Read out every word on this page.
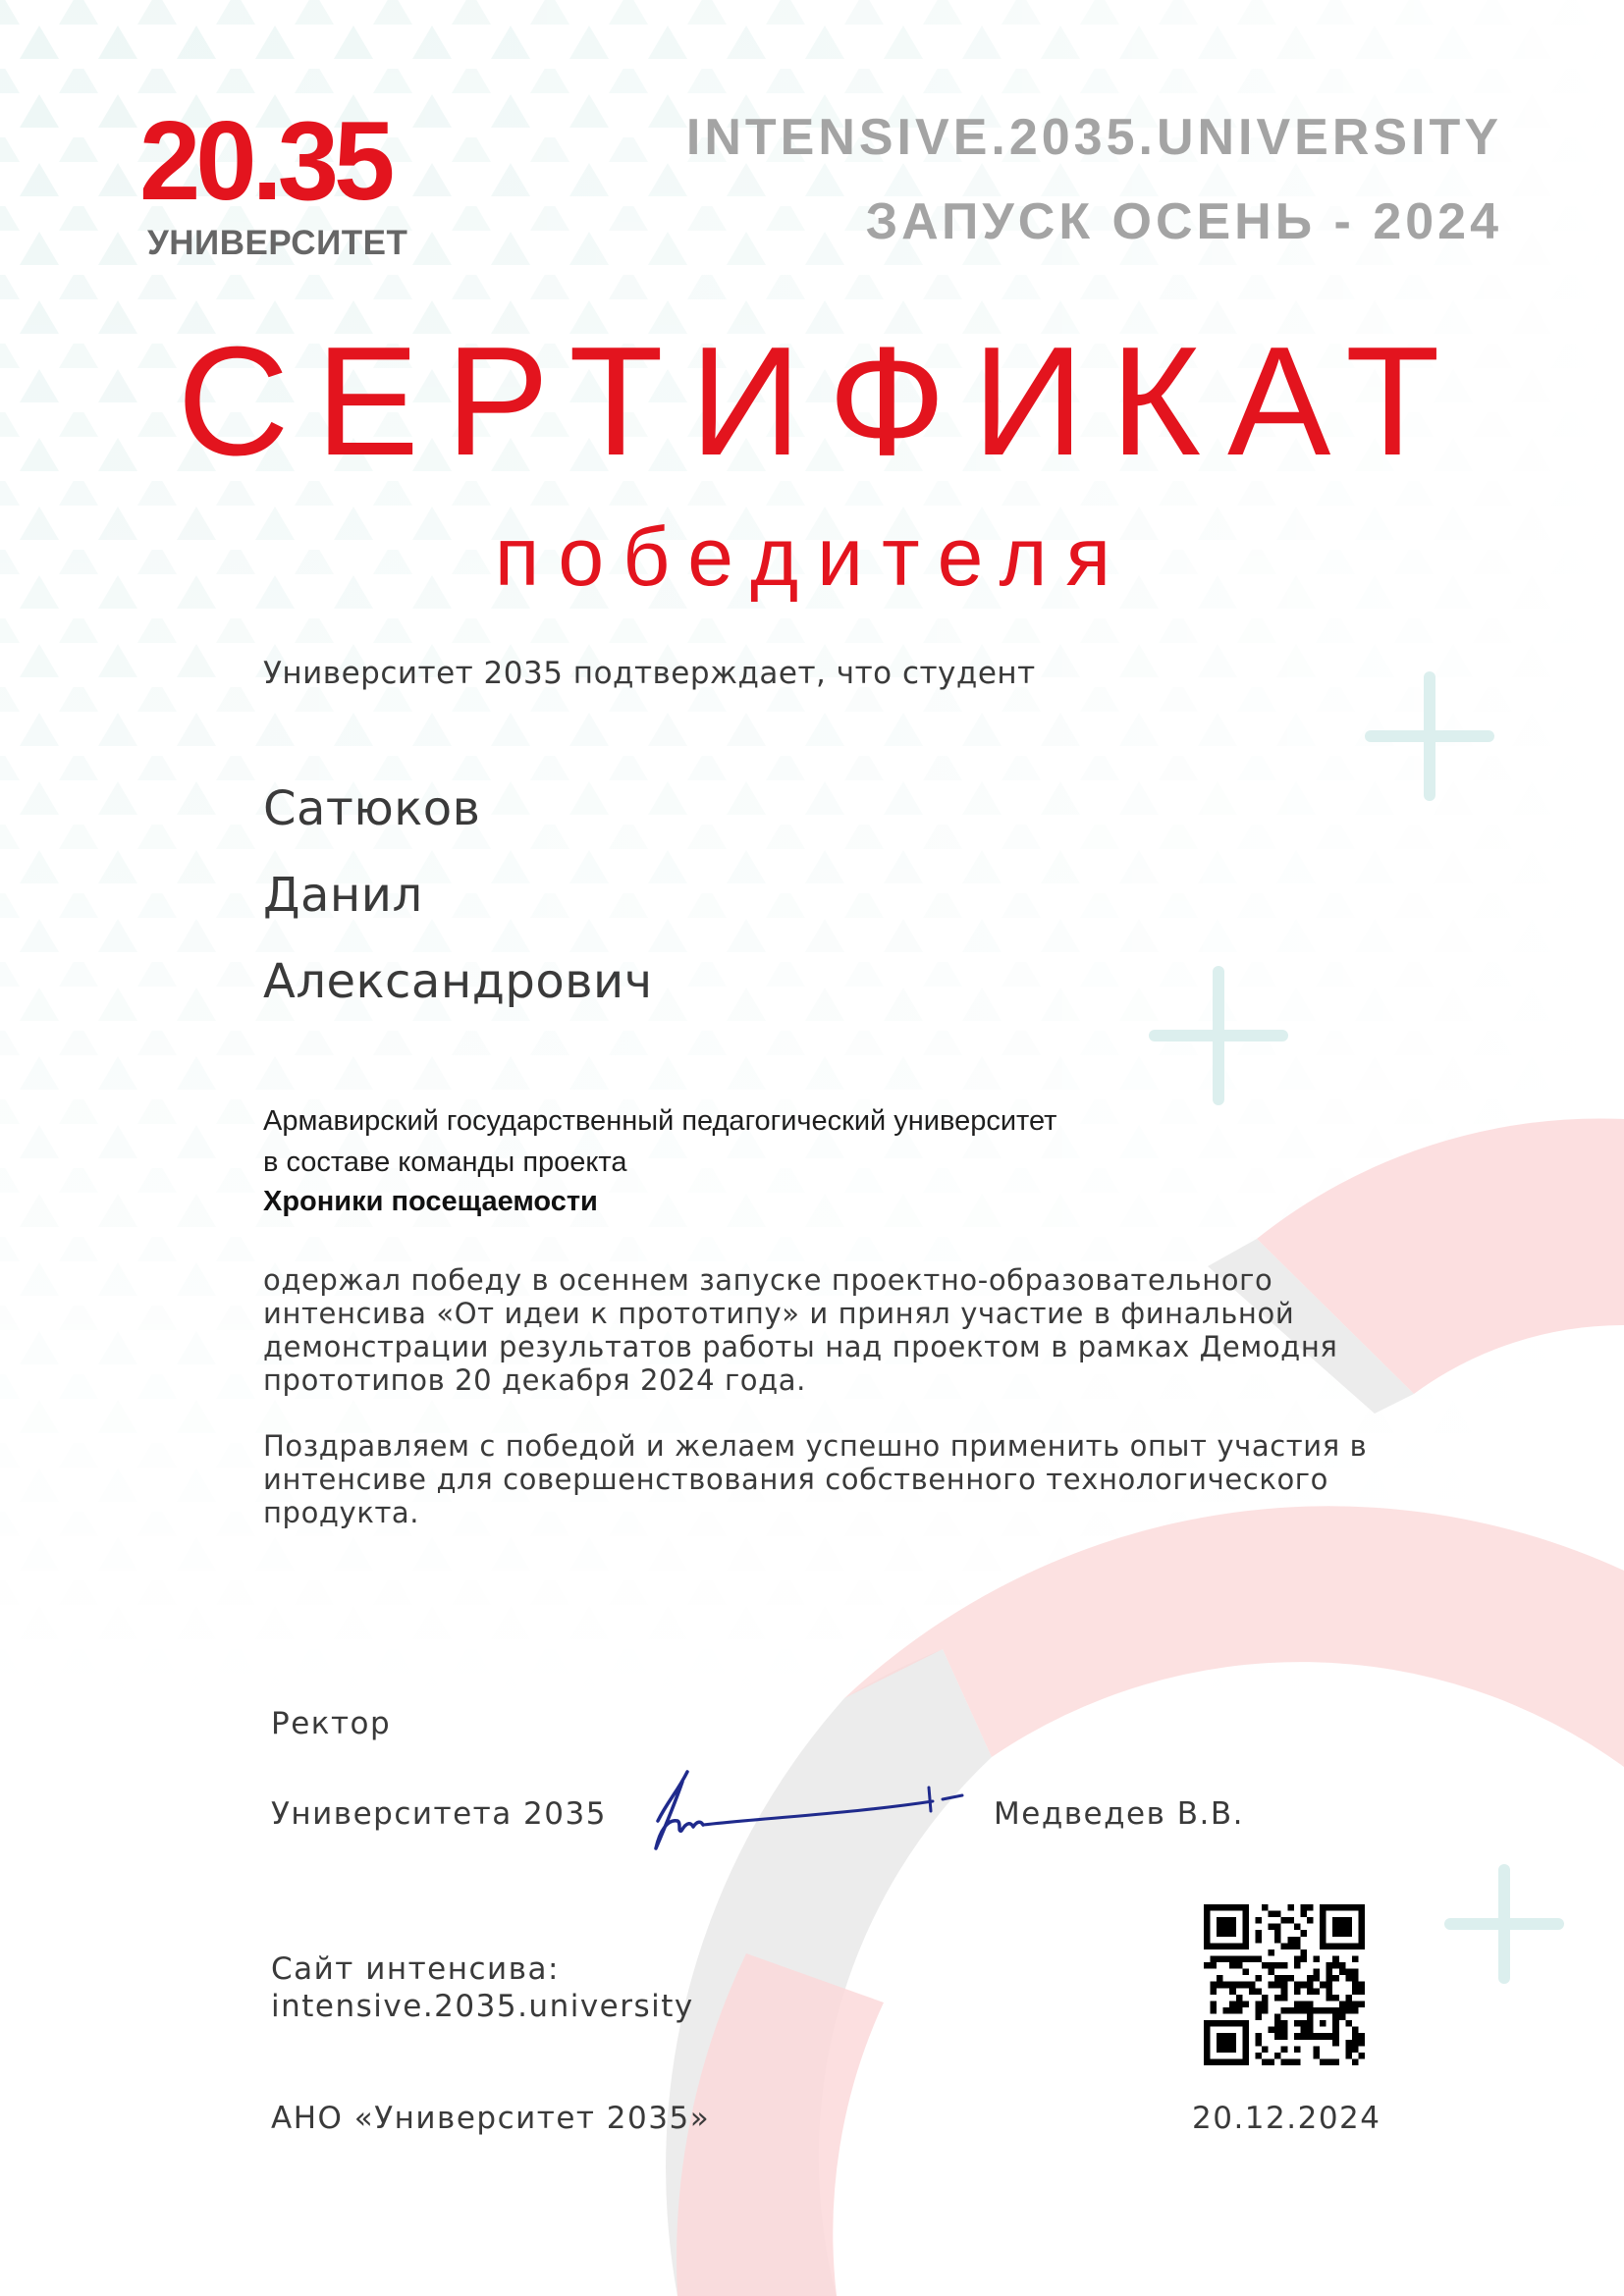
20.35
УНИВЕРСИТЕТ
INTENSIVE.2035.UNIVERSITY
ЗАПУСК ОСЕНЬ - 2024
СЕРТИФИКАТ
победителя
Университет 2035 подтверждает, что студент
Сатюков
Данил
Александрович
Армавирский государственный педагогический университет
в составе команды проекта
Хроники посещаемости

одержал победу в осеннем запуске проектно-образовательного интенсива «От идеи к прототипу» и принял участие в финальной демонстрации результатов работы над проектом в рамках Демодня прототипов 20 декабря 2024 года.

Поздравляем с победой и желаем успешно применить опыт участия в интенсиве для совершенствования собственного технологического продукта.

Ректор
Университета 2035	Медведев В.В.
Сайт интенсива:
intensive.2035.university
АНО «Университет 2035»	20.12.2024
